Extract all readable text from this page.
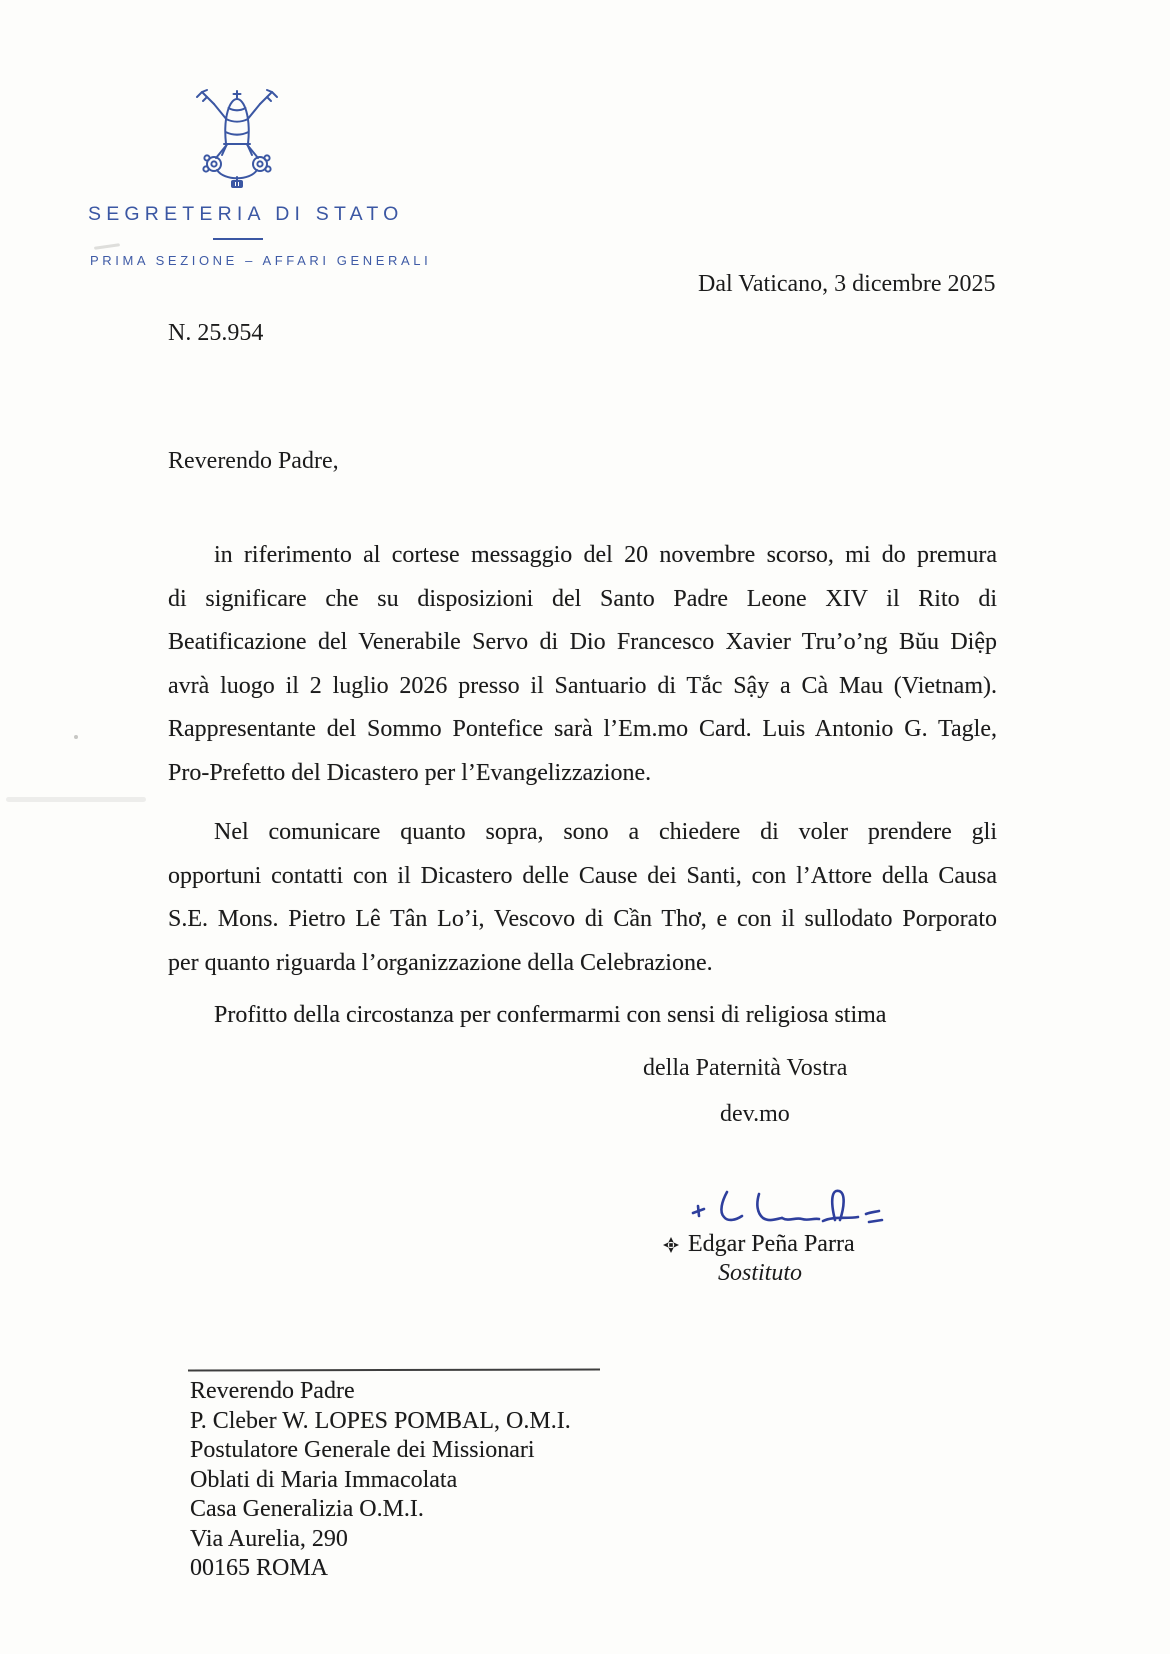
SEGRETERIA DI STATO
PRIMA SEZIONE – AFFARI GENERALI
Dal Vaticano, 3 dicembre 2025
N. 25.954
Reverendo Padre,
in riferimento al cortese messaggio del 20 novembre scorso, mi do premura
di significare che su disposizioni del Santo Padre Leone XIV il Rito di
Beatificazione del Venerabile Servo di Dio Francesco Xavier Tru’o’ng Bŭu Diệp
avrà luogo il 2 luglio 2026 presso il Santuario di Tắc Sậy a Cà Mau (Vietnam).
Rappresentante del Sommo Pontefice sarà l’Em.mo Card. Luis Antonio G. Tagle,
Pro-Prefetto del Dicastero per l’Evangelizzazione.
Nel comunicare quanto sopra, sono a chiedere di voler prendere gli
opportuni contatti con il Dicastero delle Cause dei Santi, con l’Attore della Causa
S.E. Mons. Pietro Lê Tân Lo’i, Vescovo di Cần Thơ, e con il sullodato Porporato
per quanto riguarda l’organizzazione della Celebrazione.
Profitto della circostanza per confermarmi con sensi di religiosa stima
della Paternità Vostra
dev.mo
Edgar Peña Parra
Sostituto
Reverendo Padre
P. Cleber W. LOPES POMBAL, O.M.I.
Postulatore Generale dei Missionari
Oblati di Maria Immacolata
Casa Generalizia O.M.I.
Via Aurelia, 290
00165 ROMA
